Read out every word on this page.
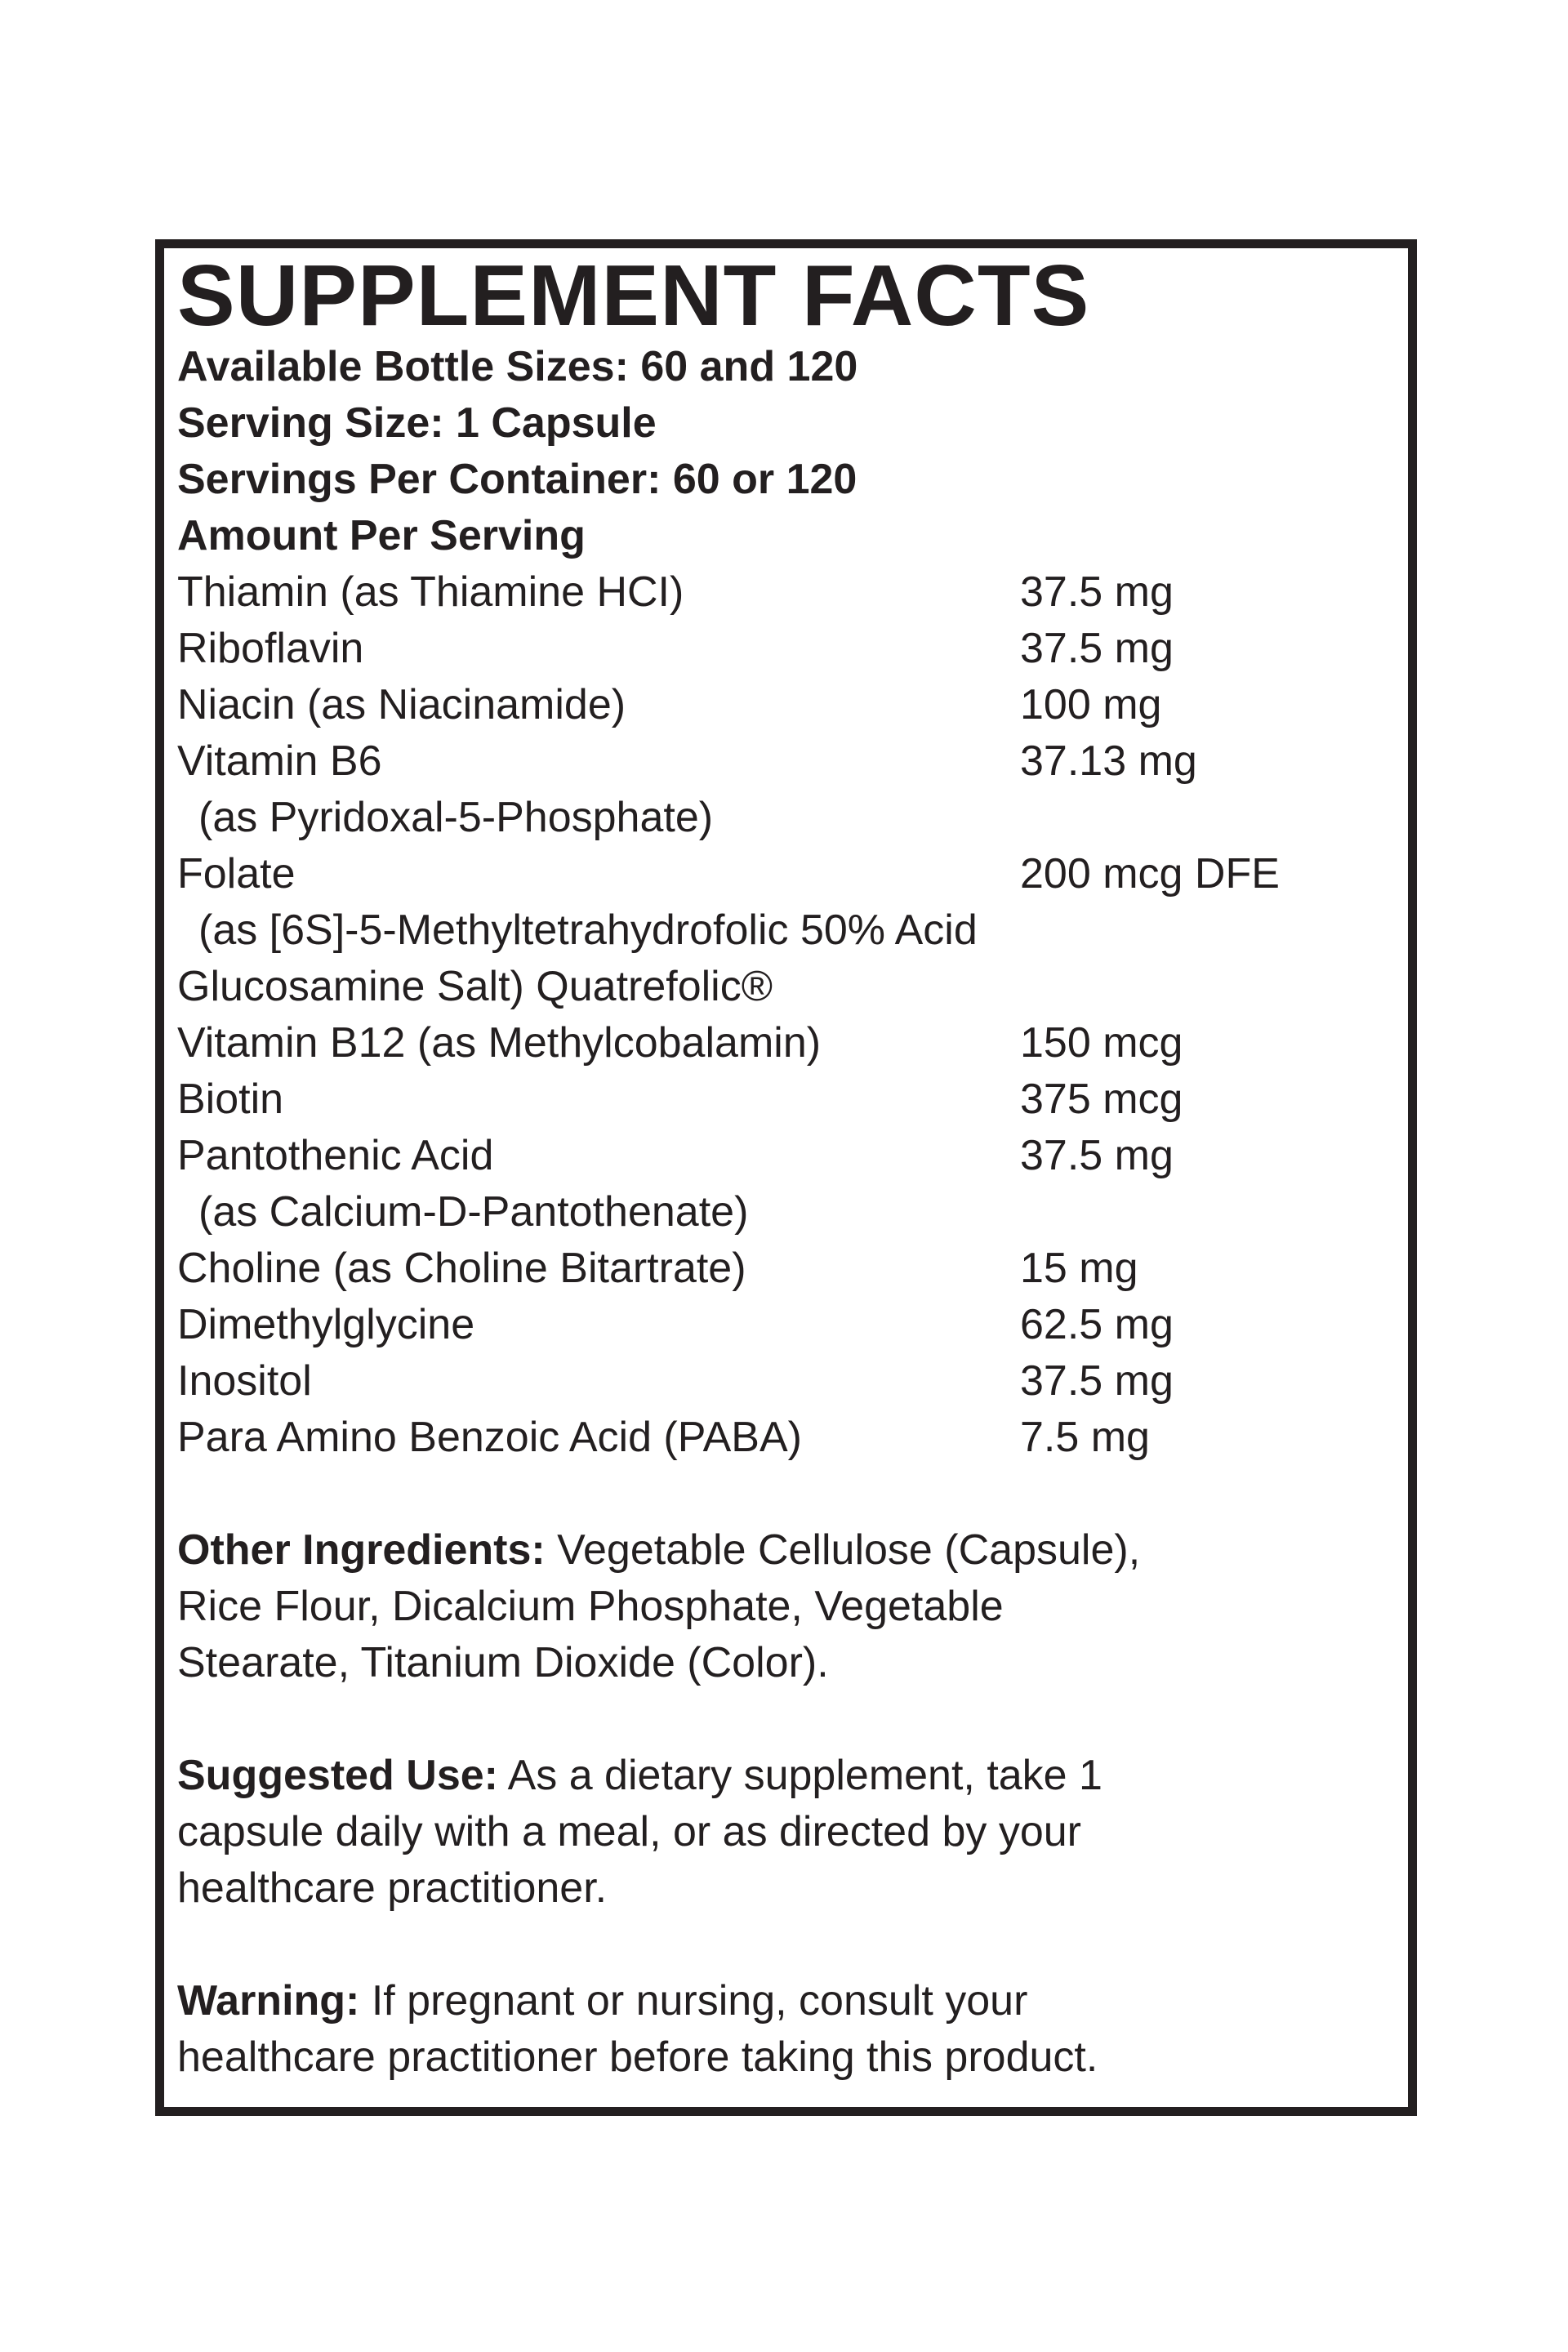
SUPPLEMENT FACTS
Available Bottle Sizes: 60 and 120
Serving Size: 1 Capsule
Servings Per Container: 60 or 120
Amount Per Serving
Thiamin (as Thiamine HCI)	37.5 mg
Riboflavin	37.5 mg
Niacin (as Niacinamide)	100 mg
Vitamin B6	37.13 mg
(as Pyridoxal-5-Phosphate)
Folate	200 mcg DFE
(as [6S]-5-Methyltetrahydrofolic 50% Acid
Glucosamine Salt) Quatrefolic®
Vitamin B12 (as Methylcobalamin)	150 mcg
Biotin	375 mcg
Pantothenic Acid	37.5 mg
(as Calcium-D-Pantothenate)
Choline (as Choline Bitartrate)	15 mg
Dimethylglycine	62.5 mg
Inositol	37.5 mg
Para Amino Benzoic Acid (PABA)	7.5 mg
Other Ingredients: Vegetable Cellulose (Capsule),
Rice Flour, Dicalcium Phosphate, Vegetable
Stearate, Titanium Dioxide (Color).
Suggested Use: As a dietary supplement, take 1
capsule daily with a meal, or as directed by your
healthcare practitioner.
Warning: If pregnant or nursing, consult your
healthcare practitioner before taking this product.
